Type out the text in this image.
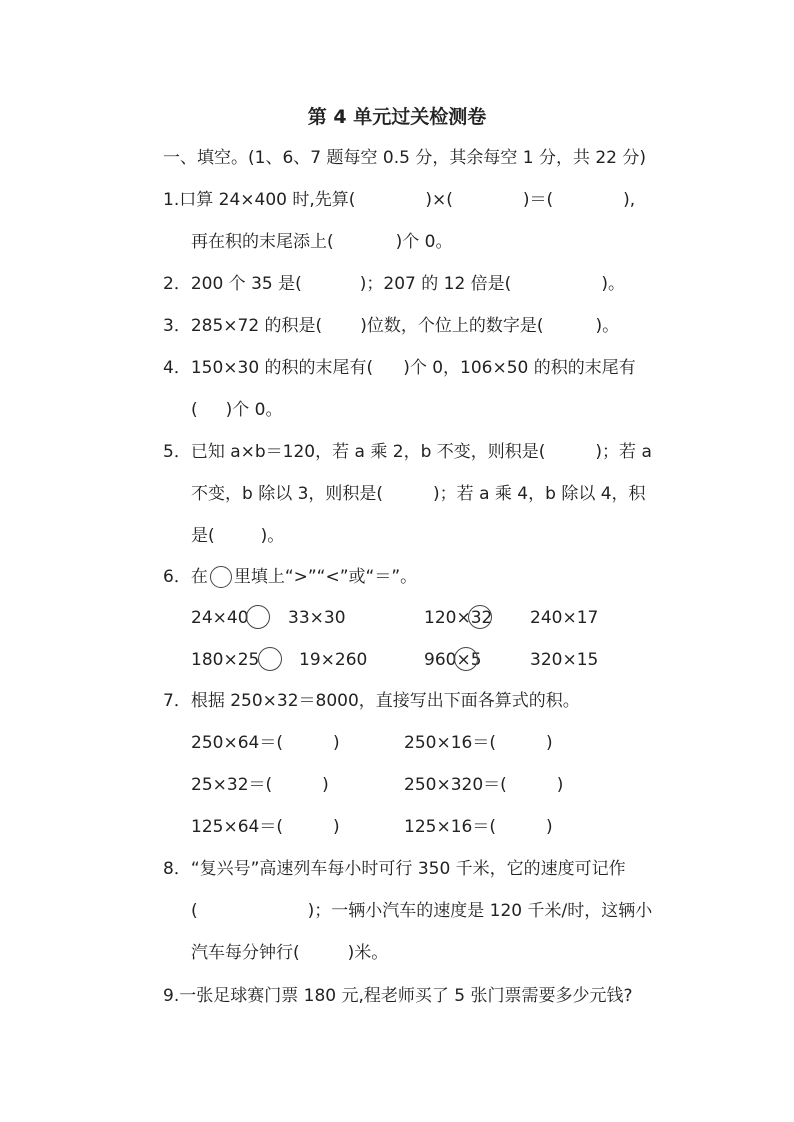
第 4 单元过关检测卷
一、填空。(1、6、7 题每空 0.5 分，其余每空 1 分，共 22 分)
1.口算 24×400 时,先算(	)×(	)＝(	),
再在积的末尾添上(	)个 0。
2．200 个 35 是(	)；207 的 12 倍是(	)。
3．285×72 的积是( )位数，个位上的数字是(	)。
4．150×30 的积的末尾有( )个 0，106×50 的积的末尾有
( )个 0。
5．已知 a×b＝120，若 a 乘 2，b 不变，则积是(	)；若 a
不变，b 除以 3，则积是(	)；若 a 乘 4，b 除以 4，积
是(	)。
6．在 里填上“>”“<”或“＝”。
24×40 33×30	120×32 240×17
180×25 19×260	960×5	320×15
7．根据 250×32＝8000，直接写出下面各算式的积。
250×64＝(	)	250×16＝(	)
25×32＝(	)	250×320＝(	)
125×64＝(	)	125×16＝(	)
8．“复兴号”高速列车每小时可行 350 千米，它的速度可记作
(	)；一辆小汽车的速度是 120 千米/时，这辆小
汽车每分钟行(	)米。
9.一张足球赛门票 180 元,程老师买了 5 张门票需要多少元钱?
